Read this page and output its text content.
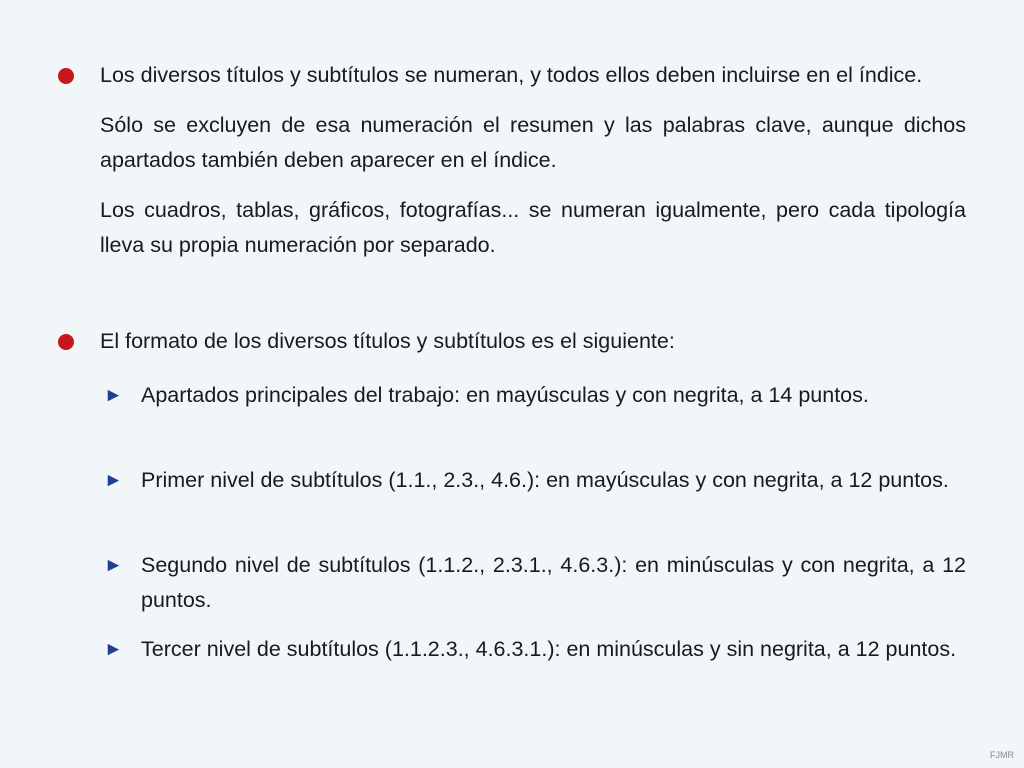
Los diversos títulos y subtítulos se numeran, y todos ellos deben incluirse en el índice.
Sólo se excluyen de esa numeración el resumen y las palabras clave, aunque dichos apartados también deben aparecer en el índice.
Los cuadros, tablas, gráficos, fotografías... se numeran igualmente, pero cada tipología lleva su propia numeración por separado.
El formato de los diversos títulos y subtítulos es el siguiente:
► Apartados principales del trabajo: en mayúsculas y con negrita, a 14 puntos.
► Primer nivel de subtítulos (1.1., 2.3., 4.6.): en mayúsculas y con negrita, a 12 puntos.
► Segundo nivel de subtítulos (1.1.2., 2.3.1., 4.6.3.): en minúsculas y con negrita, a 12 puntos.
► Tercer nivel de subtítulos (1.1.2.3., 4.6.3.1.): en minúsculas y sin negrita, a 12 puntos.
FJMR
